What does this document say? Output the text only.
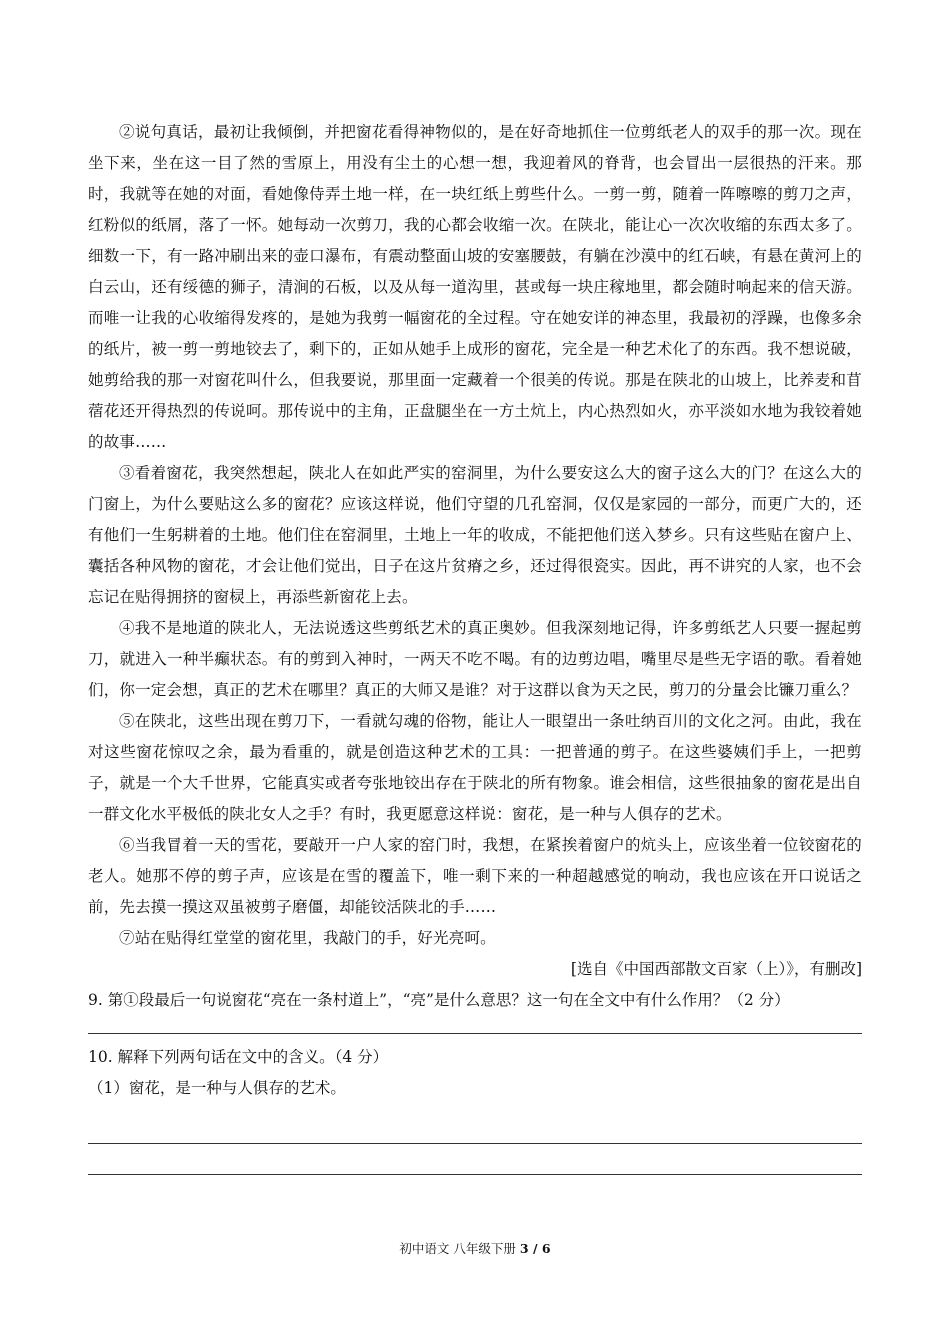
②说句真话，最初让我倾倒，并把窗花看得神物似的，是在好奇地抓住一位剪纸老人的双手的那一次。现在坐下来，坐在这一目了然的雪原上，用没有尘土的心想一想，我迎着风的脊背，也会冒出一层很热的汗来。那时，我就等在她的对面，看她像侍弄土地一样，在一块红纸上剪些什么。一剪一剪，随着一阵嚓嚓的剪刀之声，红粉似的纸屑，落了一怀。她每动一次剪刀，我的心都会收缩一次。在陕北，能让心一次次收缩的东西太多了。细数一下，有一路冲刷出来的壶口瀑布，有震动整面山坡的安塞腰鼓，有躺在沙漠中的红石峡，有悬在黄河上的白云山，还有绥德的狮子，清涧的石板，以及从每一道沟里，甚或每一块庄稼地里，都会随时响起来的信天游。而唯一让我的心收缩得发疼的，是她为我剪一幅窗花的全过程。守在她安详的神态里，我最初的浮躁，也像多余的纸片，被一剪一剪地铰去了，剩下的，正如从她手上成形的窗花，完全是一种艺术化了的东西。我不想说破，她剪给我的那一对窗花叫什么，但我要说，那里面一定藏着一个很美的传说。那是在陕北的山坡上，比养麦和苜蓿花还开得热烈的传说呵。那传说中的主角，正盘腿坐在一方土炕上，内心热烈如火，亦平淡如水地为我铰着她的故事……

③看着窗花，我突然想起，陕北人在如此严实的窑洞里，为什么要安这么大的窗子这么大的门？在这么大的门窗上，为什么要贴这么多的窗花？应该这样说，他们守望的几孔窑洞，仅仅是家园的一部分，而更广大的，还有他们一生躬耕着的土地。他们住在窑洞里，土地上一年的收成，不能把他们送入梦乡。只有这些贴在窗户上、囊括各种风物的窗花，才会让他们觉出，日子在这片贫瘠之乡，还过得很瓷实。因此，再不讲究的人家，也不会忘记在贴得拥挤的窗棂上，再添些新窗花上去。

④我不是地道的陕北人，无法说透这些剪纸艺术的真正奥妙。但我深刻地记得，许多剪纸艺人只要一握起剪刀，就进入一种半癫状态。有的剪到入神时，一两天不吃不喝。有的边剪边唱，嘴里尽是些无字语的歌。看着她们，你一定会想，真正的艺术在哪里？真正的大师又是谁？对于这群以食为天之民，剪刀的分量会比镰刀重么？

⑤在陕北，这些出现在剪刀下，一看就勾魂的俗物，能让人一眼望出一条吐纳百川的文化之河。由此，我在对这些窗花惊叹之余，最为看重的，就是创造这种艺术的工具：一把普通的剪子。在这些婆姨们手上，一把剪子，就是一个大千世界，它能真实或者夸张地铰出存在于陕北的所有物象。谁会相信，这些很抽象的窗花是出自一群文化水平极低的陕北女人之手？有时，我更愿意这样说：窗花，是一种与人俱存的艺术。

⑥当我冒着一天的雪花，要敲开一户人家的窑门时，我想，在紧挨着窗户的炕头上，应该坐着一位铰窗花的老人。她那不停的剪子声，应该是在雪的覆盖下，唯一剩下来的一种超越感觉的响动，我也应该在开口说话之前，先去摸一摸这双虽被剪子磨僵，却能铰活陕北的手……

⑦站在贴得红堂堂的窗花里，我敲门的手，好光亮呵。

[选自《中国西部散文百家（上）》，有删改]

9. 第①段最后一句说窗花“亮在一条村道上”，“亮”是什么意思？这一句在全文中有什么作用？（2 分）

10. 解释下列两句话在文中的含义。（4 分）

（1）窗花，是一种与人俱存的艺术。

初中语文 八年级下册 3 / 6
